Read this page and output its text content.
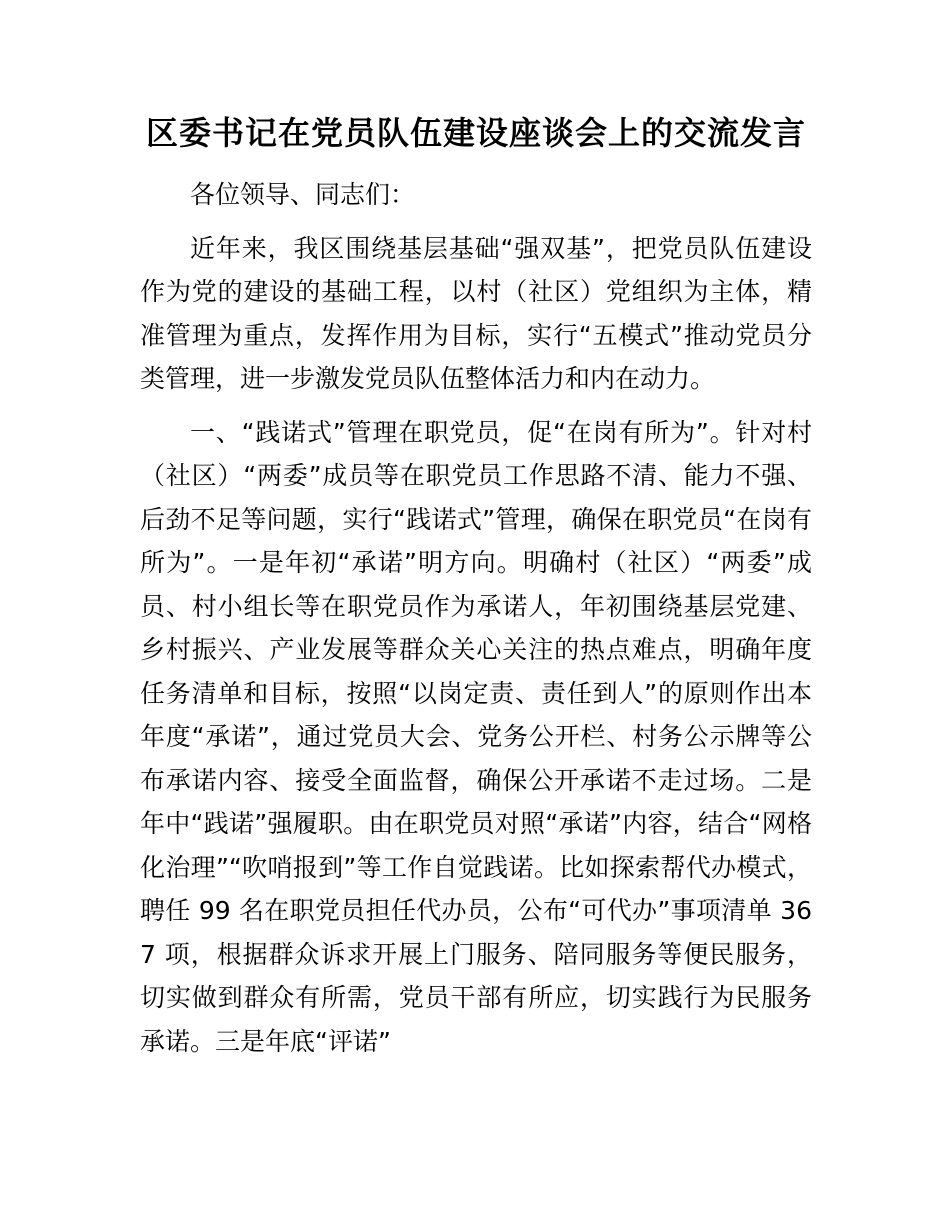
区委书记在党员队伍建设座谈会上的交流发言

各位领导、同志们：

近年来，我区围绕基层基础“强双基”，把党员队伍建设作为党的建设的基础工程，以村（社区）党组织为主体，精准管理为重点，发挥作用为目标，实行“五模式”推动党员分类管理，进一步激发党员队伍整体活力和内在动力。

一、“践诺式”管理在职党员，促“在岗有所为”。针对村（社区）“两委”成员等在职党员工作思路不清、能力不强、后劲不足等问题，实行“践诺式”管理，确保在职党员“在岗有所为”。一是年初“承诺”明方向。明确村（社区）“两委”成员、村小组长等在职党员作为承诺人，年初围绕基层党建、乡村振兴、产业发展等群众关心关注的热点难点，明确年度任务清单和目标，按照“以岗定责、责任到人”的原则作出本年度“承诺”，通过党员大会、党务公开栏、村务公示牌等公布承诺内容、接受全面监督，确保公开承诺不走过场。二是年中“践诺”强履职。由在职党员对照“承诺”内容，结合“网格化治理”“吹哨报到”等工作自觉践诺。比如探索帮代办模式，聘任 99 名在职党员担任代办员，公布“可代办”事项清单 367 项，根据群众诉求开展上门服务、陪同服务等便民服务，切实做到群众有所需，党员干部有所应，切实践行为民服务承诺。三是年底“评诺”
